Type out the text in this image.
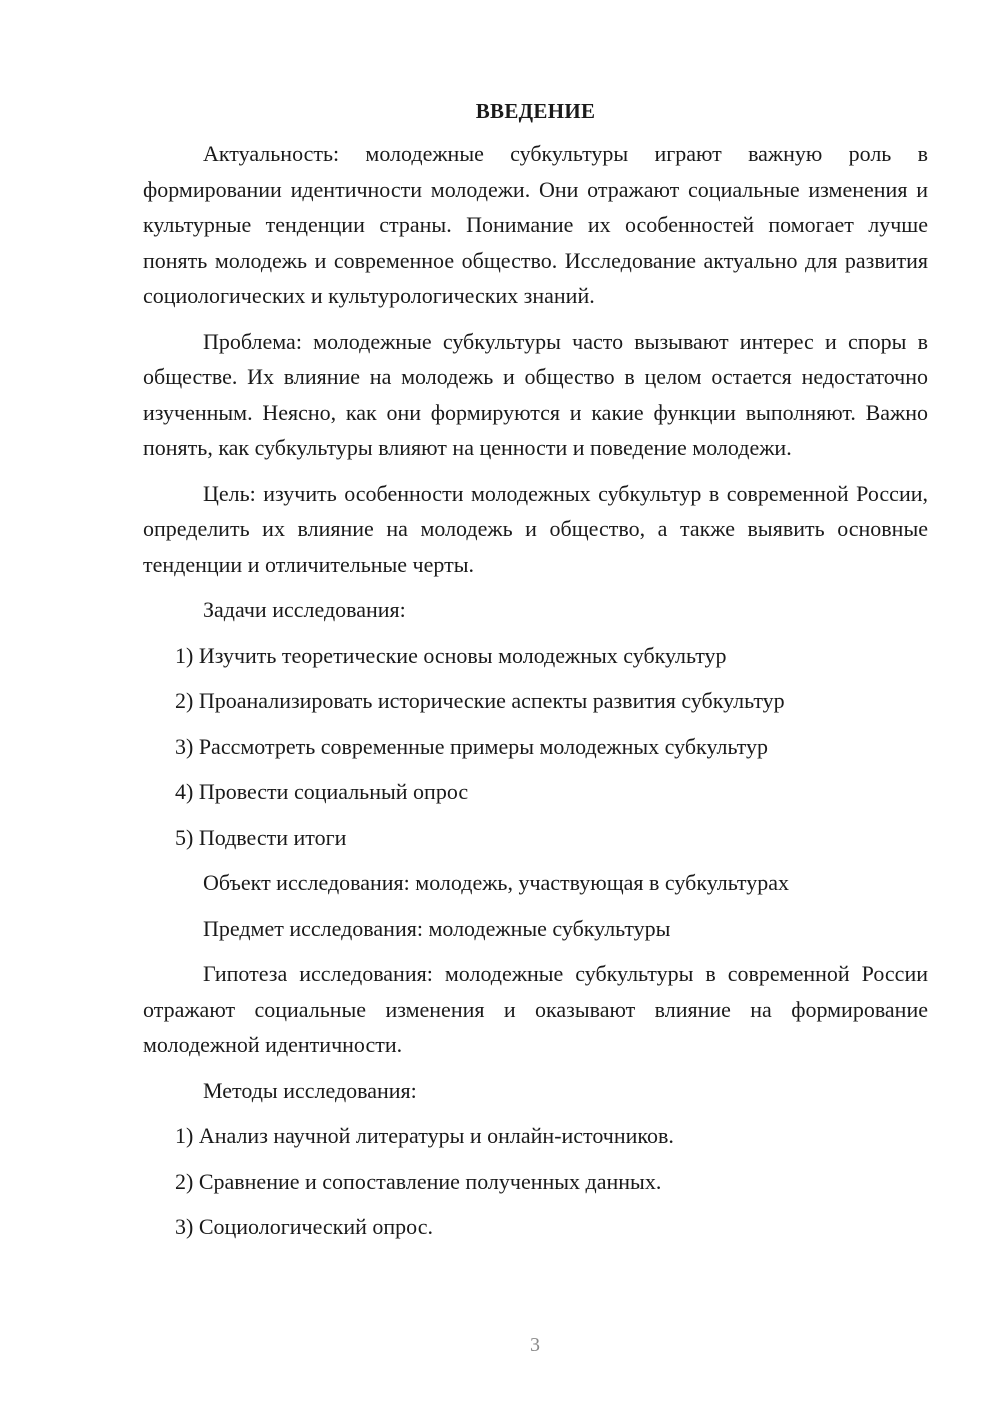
ВВЕДЕНИЕ

Актуальность: молодежные субкультуры играют важную роль в формировании идентичности молодежи. Они отражают социальные изменения и культурные тенденции страны. Понимание их особенностей помогает лучше понять молодежь и современное общество. Исследование актуально для развития социологических и культурологических знаний.

Проблема: молодежные субкультуры часто вызывают интерес и споры в обществе. Их влияние на молодежь и общество в целом остается недостаточно изученным. Неясно, как они формируются и какие функции выполняют. Важно понять, как субкультуры влияют на ценности и поведение молодежи.

Цель: изучить особенности молодежных субкультур в современной России, определить их влияние на молодежь и общество, а также выявить основные тенденции и отличительные черты.

Задачи исследования:
1) Изучить теоретические основы молодежных субкультур
2) Проанализировать исторические аспекты развития субкультур
3) Рассмотреть современные примеры молодежных субкультур
4) Провести социальный опрос
5) Подвести итоги
Объект исследования: молодежь, участвующая в субкультурах
Предмет исследования: молодежные субкультуры

Гипотеза исследования: молодежные субкультуры в современной России отражают социальные изменения и оказывают влияние на формирование молодежной идентичности.

Методы исследования:
1) Анализ научной литературы и онлайн-источников.
2) Сравнение и сопоставление полученных данных.
3) Социологический опрос.
3
